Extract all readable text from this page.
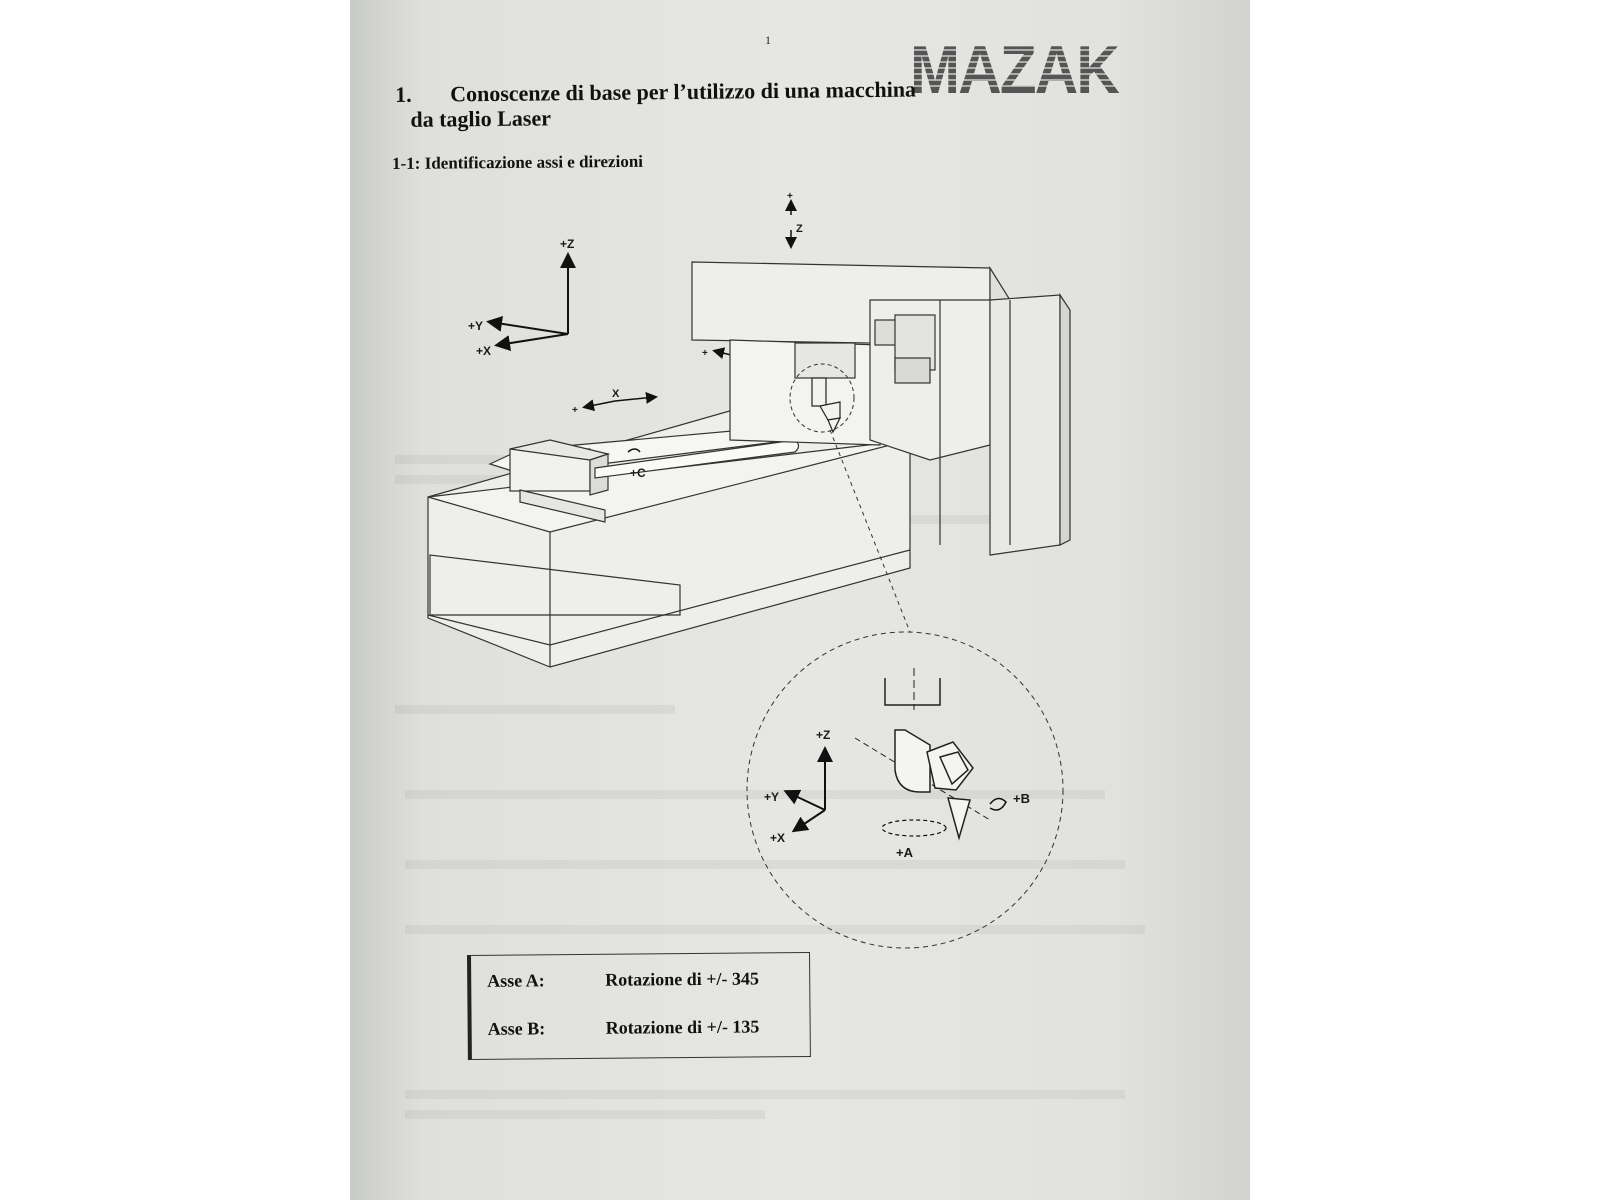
1 MAZAK
1. Conoscenze di base per l’utilizzo di una macchina
da taglio Laser
1-1: Identificazione assi e direzioni
+Z
+Y
+X
+
Z
+
+
X
+C
+Z
+Y
+X
+B
+A
Asse A:	Rotazione di +/- 345
Asse B:	Rotazione di +/- 135
